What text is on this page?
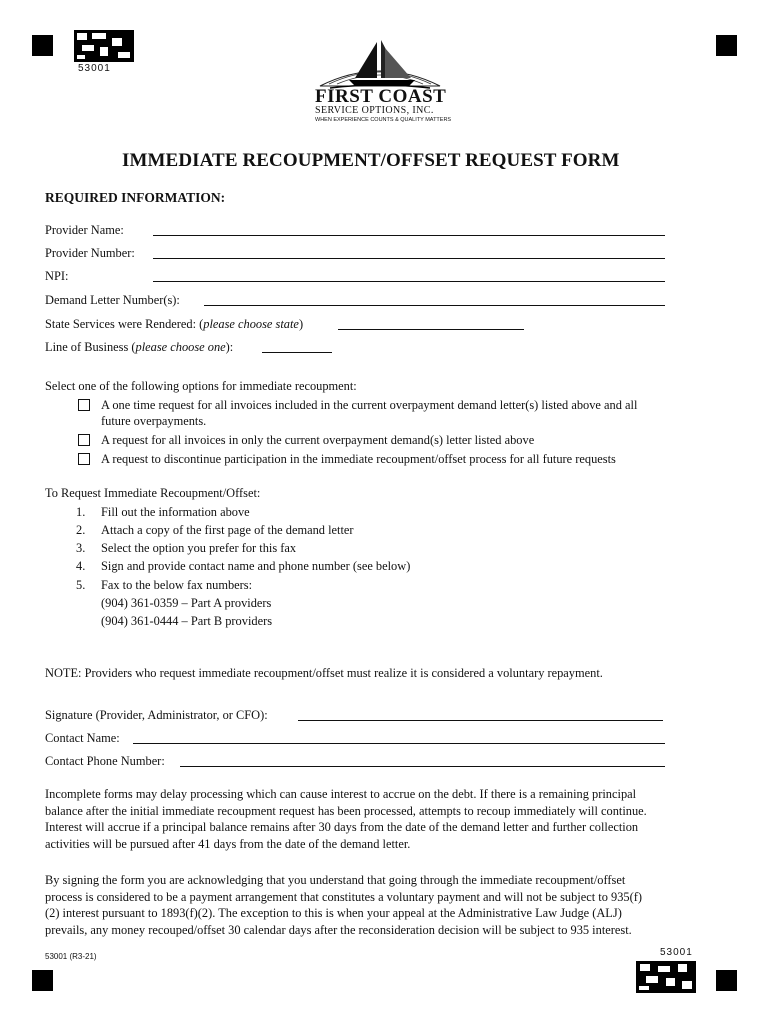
53001
FIRST COAST
SERVICE OPTIONS, INC.
WHEN EXPERIENCE COUNTS & QUALITY MATTERS
IMMEDIATE RECOUPMENT/OFFSET REQUEST FORM
REQUIRED INFORMATION:
Provider Name:
Provider Number:
NPI:
Demand Letter Number(s):
State Services were Rendered: (please choose state)
Line of Business (please choose one):
Select one of the following options for immediate recoupment:
A one time request for all invoices included in the current overpayment demand letter(s) listed above and all
future overpayments.
A request for all invoices in only the current overpayment demand(s) letter listed above
A request to discontinue participation in the immediate recoupment/offset process for all future requests
To Request Immediate Recoupment/Offset:
1. Fill out the information above
2. Attach a copy of the first page of the demand letter
3. Select the option you prefer for this fax
4. Sign and provide contact name and phone number (see below)
5. Fax to the below fax numbers:
(904) 361-0359 – Part A providers
(904) 361-0444 – Part B providers
NOTE: Providers who request immediate recoupment/offset must realize it is considered a voluntary repayment.
Signature (Provider, Administrator, or CFO):
Contact Name:
Contact Phone Number:
Incomplete forms may delay processing which can cause interest to accrue on the debt. If there is a remaining principal
balance after the initial immediate recoupment request has been processed, attempts to recoup immediately will continue.
Interest will accrue if a principal balance remains after 30 days from the date of the demand letter and further collection
activities will be pursued after 41 days from the date of the demand letter.
By signing the form you are acknowledging that you understand that going through the immediate recoupment/offset
process is considered to be a payment arrangement that constitutes a voluntary payment and will not be subject to 935(f)
(2) interest pursuant to 1893(f)(2). The exception to this is when your appeal at the Administrative Law Judge (ALJ)
prevails, any money recouped/offset 30 calendar days after the reconsideration decision will be subject to 935 interest.
53001 (R3-21)	53001
